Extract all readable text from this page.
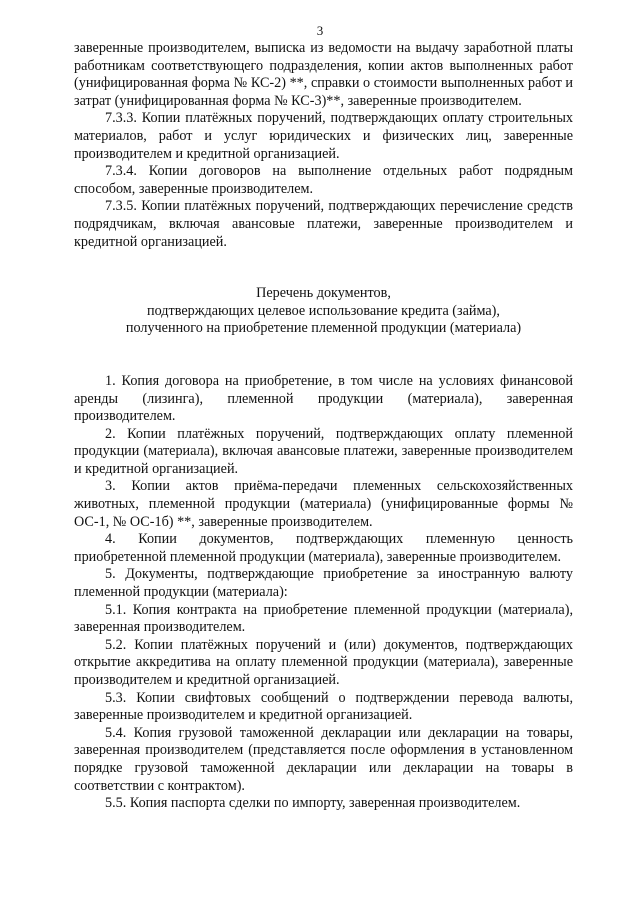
3

заверенные производителем, выписка из ведомости на выдачу заработной платы работникам соответствующего подразделения, копии актов выполненных работ (унифицированная форма № КС-2) **, справки о стоимости выполненных работ и затрат (унифицированная форма № КС-3)**, заверенные производителем.

7.3.3. Копии платёжных поручений, подтверждающих оплату строительных материалов, работ и услуг юридических и физических лиц, заверенные производителем и кредитной организацией.

7.3.4. Копии договоров на выполнение отдельных работ подрядным способом, заверенные производителем.

7.3.5. Копии платёжных поручений, подтверждающих перечисление средств подрядчикам, включая авансовые платежи, заверенные производителем и кредитной организацией.

Перечень документов,
подтверждающих целевое использование кредита (займа),
полученного на приобретение племенной продукции (материала)

1. Копия договора на приобретение, в том числе на условиях финансовой аренды (лизинга), племенной продукции (материала), заверенная производителем.

2. Копии платёжных поручений, подтверждающих оплату племенной продукции (материала), включая авансовые платежи, заверенные производителем и кредитной организацией.

3. Копии актов приёма-передачи племенных сельскохозяйственных животных, племенной продукции (материала) (унифицированные формы № ОС-1, № ОС-1б) **, заверенные производителем.

4. Копии документов, подтверждающих племенную ценность приобретенной племенной продукции (материала), заверенные производителем.

5. Документы, подтверждающие приобретение за иностранную валюту племенной продукции (материала):

5.1. Копия контракта на приобретение племенной продукции (материала), заверенная производителем.

5.2. Копии платёжных поручений и (или) документов, подтверждающих открытие аккредитива на оплату племенной продукции (материала), заверенные производителем и кредитной организацией.

5.3. Копии свифтовых сообщений о подтверждении перевода валюты, заверенные производителем и кредитной организацией.

5.4. Копия грузовой таможенной декларации или декларации на товары, заверенная производителем (представляется после оформления в установленном порядке грузовой таможенной декларации или декларации на товары в соответствии с контрактом).

5.5. Копия паспорта сделки по импорту, заверенная производителем.
